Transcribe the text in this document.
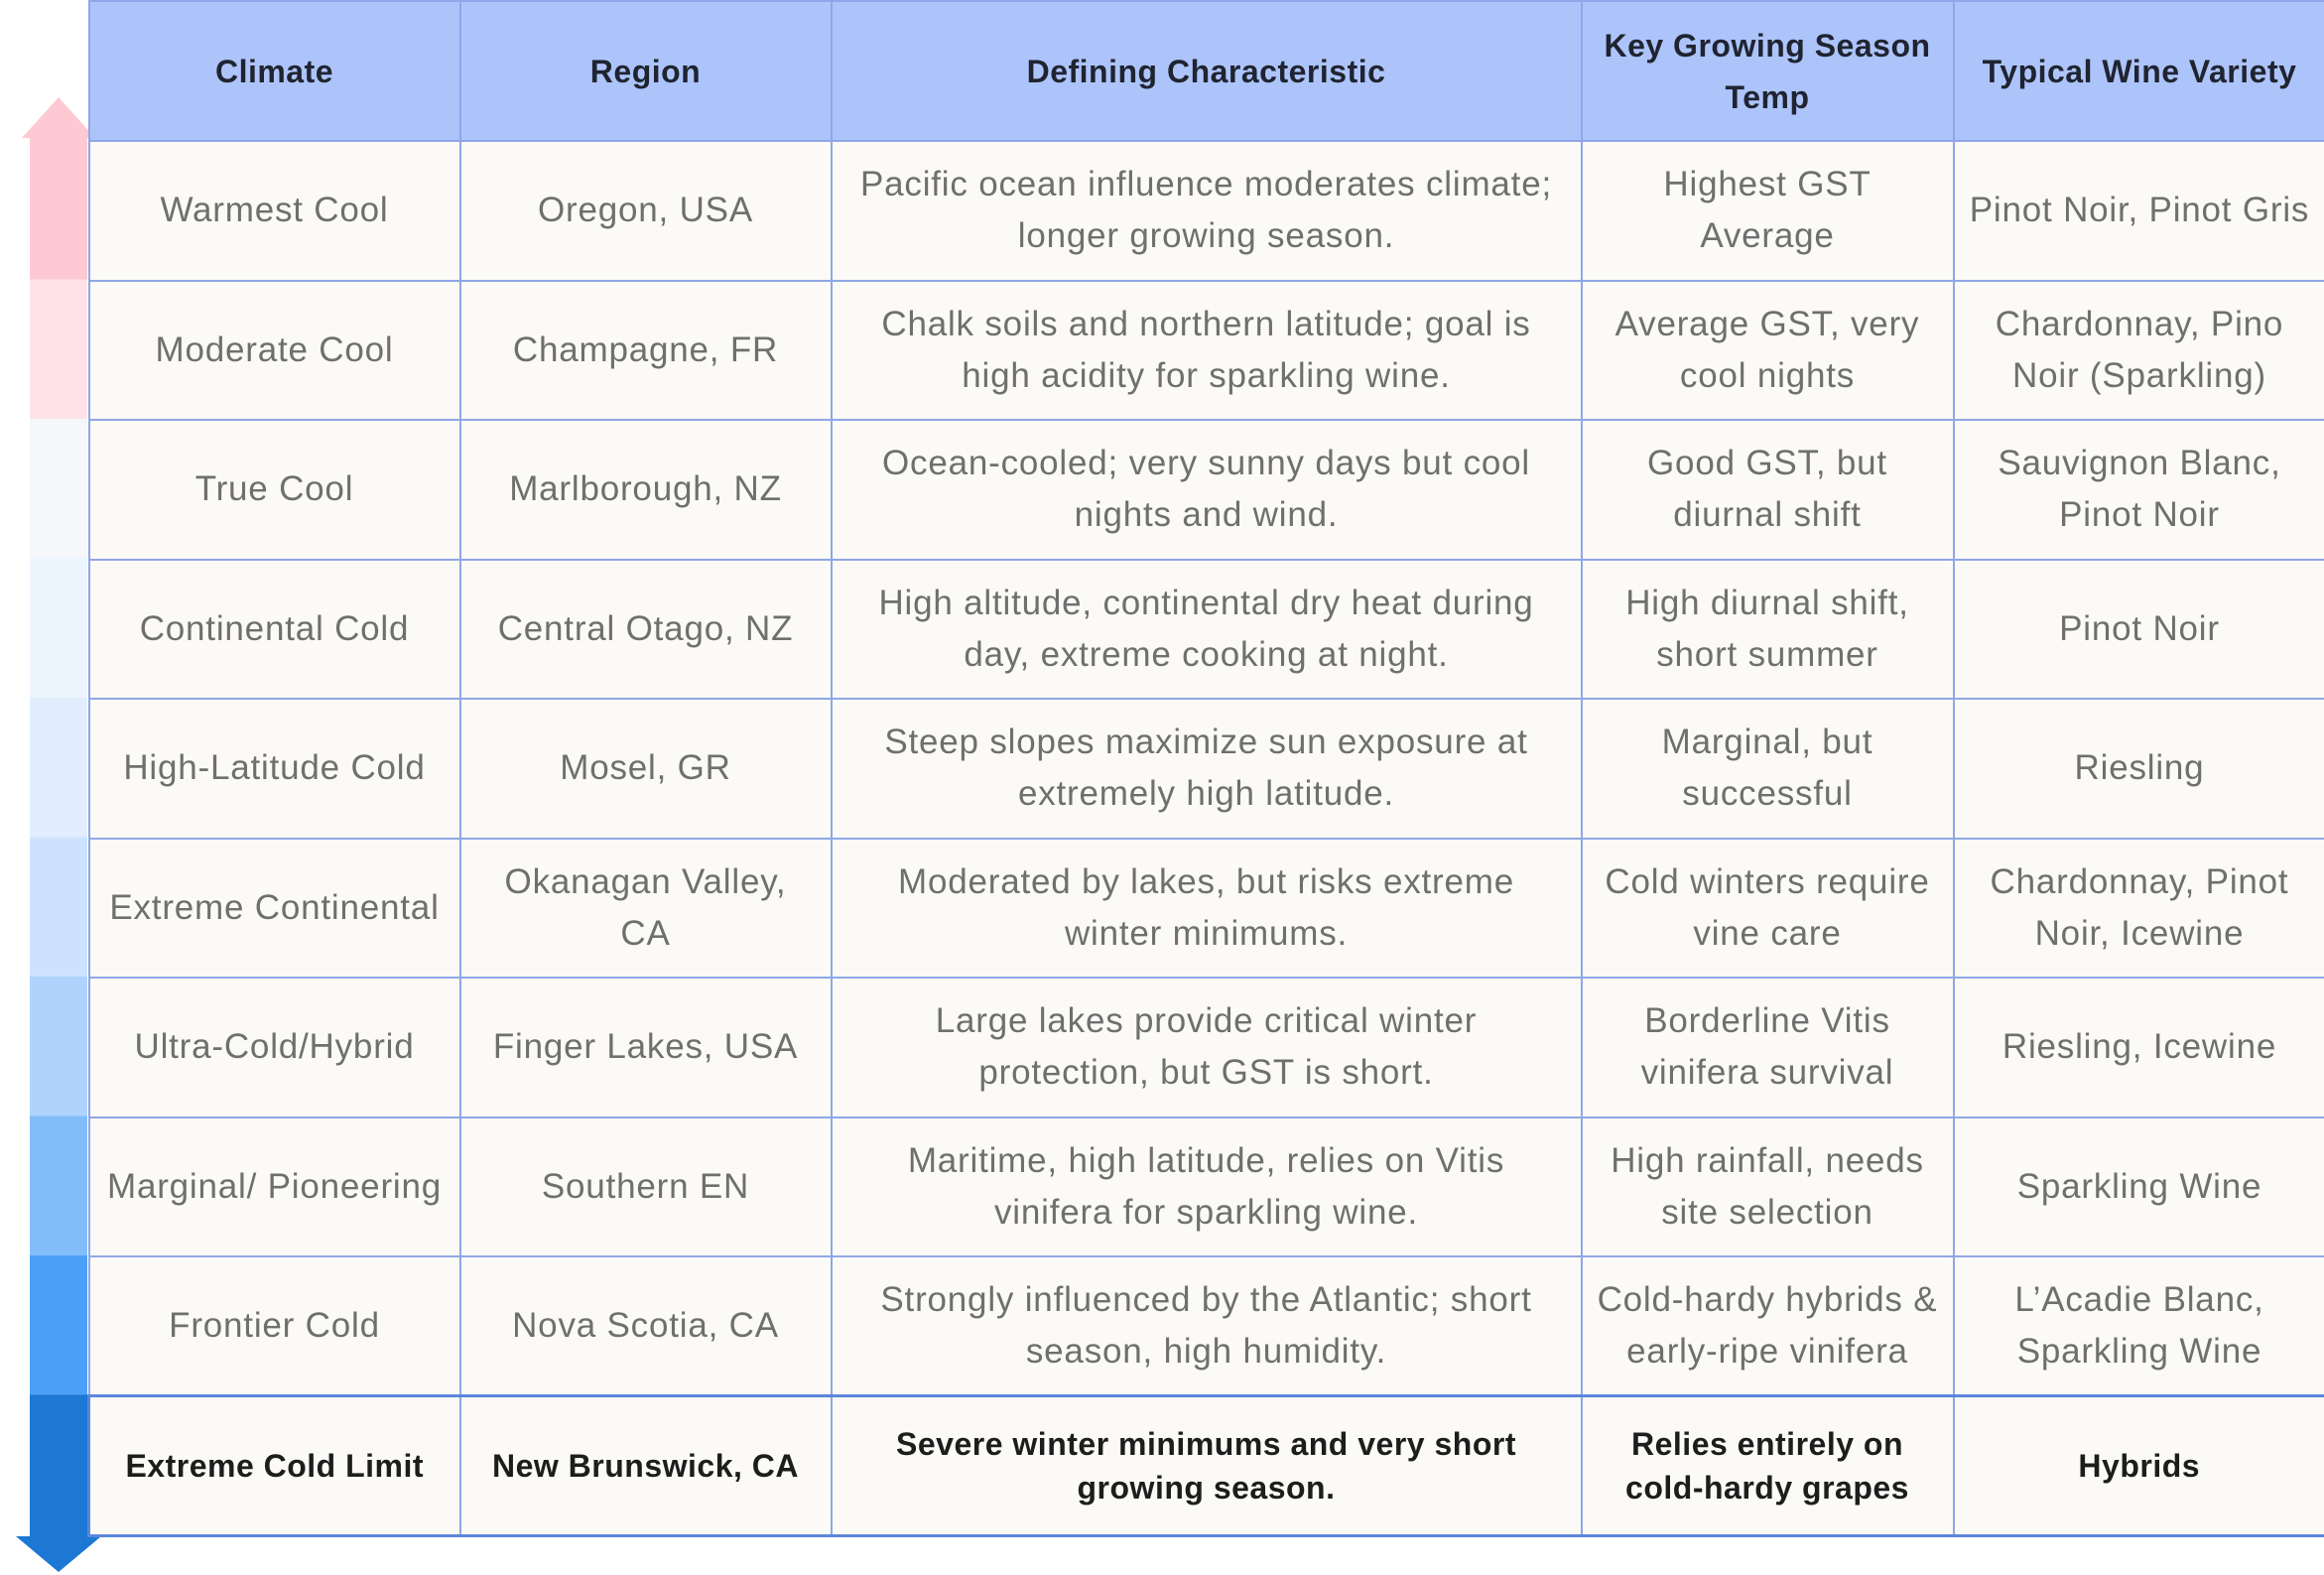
Climate	Region	Defining Characteristic	Key Growing Season Temp	Typical Wine Variety
Warmest Cool	Oregon, USA	Pacific ocean influence moderates climate; longer growing season.	Highest GST Average	Pinot Noir, Pinot Gris
Moderate Cool	Champagne, FR	Chalk soils and northern latitude; goal is high acidity for sparkling wine.	Average GST, very cool nights	Chardonnay, Pino Noir (Sparkling)
True Cool	Marlborough, NZ	Ocean-cooled; very sunny days but cool nights and wind.	Good GST, but diurnal shift	Sauvignon Blanc, Pinot Noir
Continental Cold	Central Otago, NZ	High altitude, continental dry heat during day, extreme cooking at night.	High diurnal shift, short summer	Pinot Noir
High-Latitude Cold	Mosel, GR	Steep slopes maximize sun exposure at extremely high latitude.	Marginal, but successful	Riesling
Extreme Continental	Okanagan Valley, CA	Moderated by lakes, but risks extreme winter minimums.	Cold winters require vine care	Chardonnay, Pinot Noir, Icewine
Ultra-Cold/Hybrid	Finger Lakes, USA	Large lakes provide critical winter protection, but GST is short.	Borderline Vitis vinifera survival	Riesling, Icewine
Marginal/ Pioneering	Southern EN	Maritime, high latitude, relies on Vitis vinifera for sparkling wine.	High rainfall, needs site selection	Sparkling Wine
Frontier Cold	Nova Scotia, CA	Strongly influenced by the Atlantic; short season, high humidity.	Cold-hardy hybrids & early-ripe vinifera	L’Acadie Blanc, Sparkling Wine
Extreme Cold Limit	New Brunswick, CA	Severe winter minimums and very short growing season.	Relies entirely on cold-hardy grapes	Hybrids
